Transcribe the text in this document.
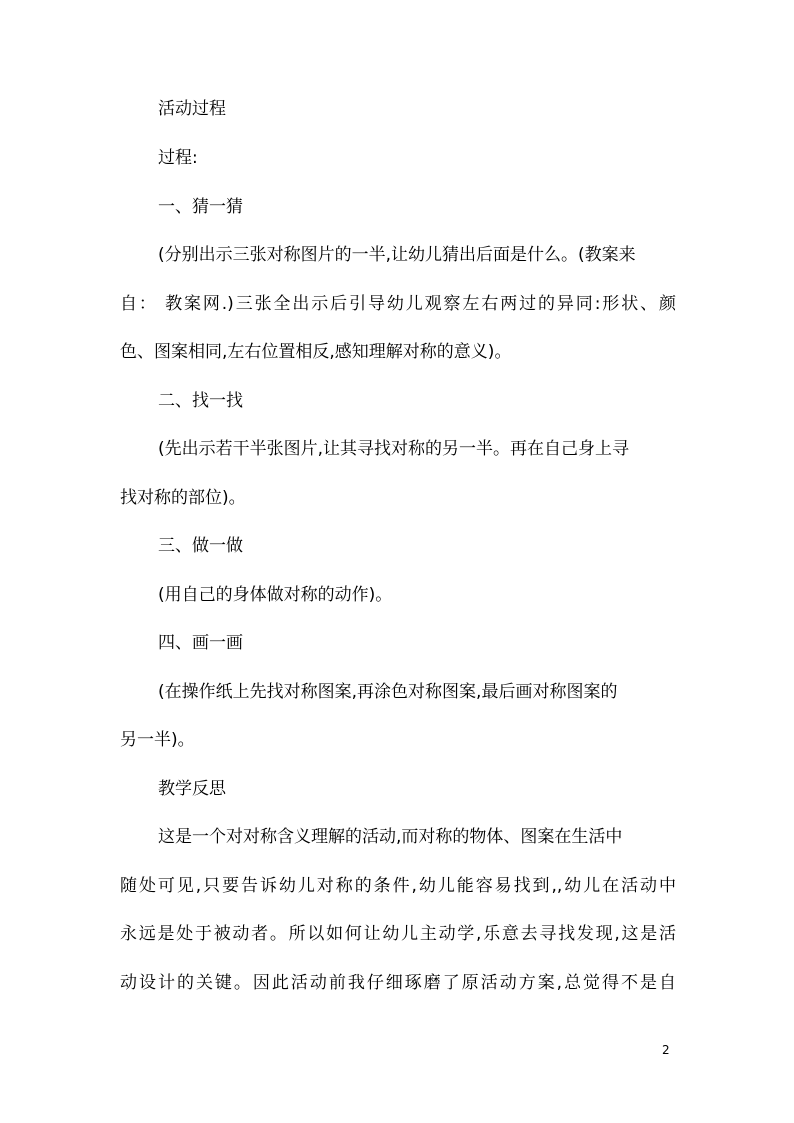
活动过程
过程:
一、猜一猜
(分别出示三张对称图片的一半,让幼儿猜出后面是什么。(教案来
自： 教案网.)三张全出示后引导幼儿观察左右两过的异同:形状、颜
色、图案相同,左右位置相反,感知理解对称的意义)。
二、找一找
(先出示若干半张图片,让其寻找对称的另一半。再在自己身上寻
找对称的部位)。
三、做一做
(用自己的身体做对称的动作)。
四、画一画
(在操作纸上先找对称图案,再涂色对称图案,最后画对称图案的
另一半)。
教学反思
这是一个对对称含义理解的活动,而对称的物体、图案在生活中
随处可见,只要告诉幼儿对称的条件,幼儿能容易找到,,幼儿在活动中
永远是处于被动者。所以如何让幼儿主动学,乐意去寻找发现,这是活
动设计的关键。因此活动前我仔细琢磨了原活动方案,总觉得不是自
2
